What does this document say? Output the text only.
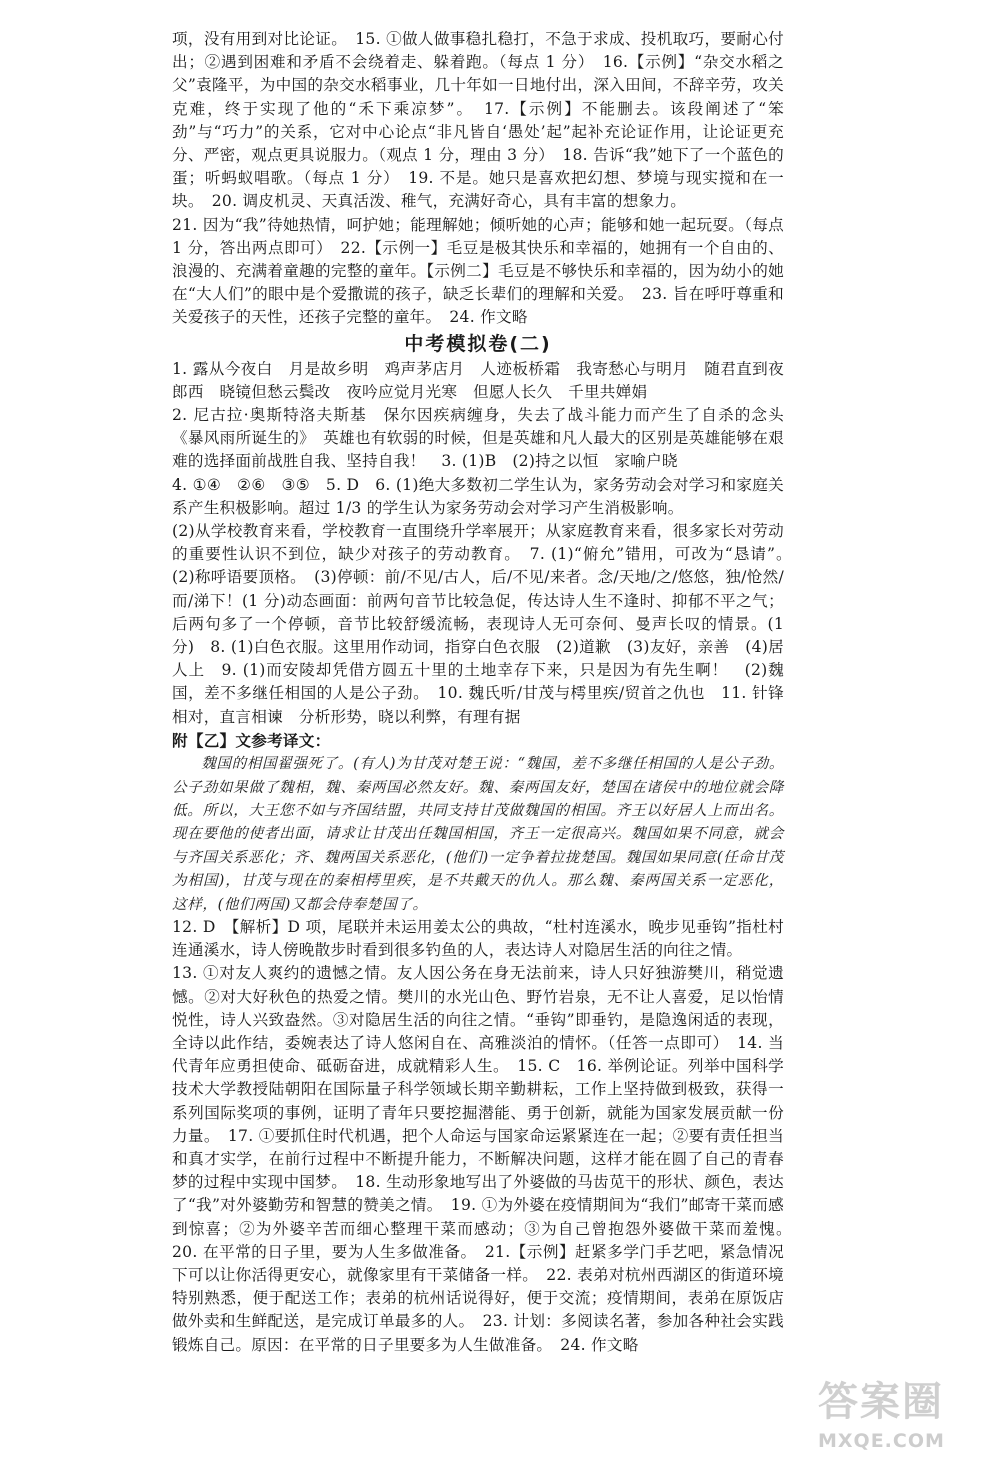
项，没有用到对比论证。　15. ①做人做事稳扎稳打，不急于求成、投机取巧，要耐心付出；②遇到困难和矛盾不会绕着走、躲着跑。（每点 1 分）　16.【示例】“杂交水稻之父”袁隆平，为中国的杂交水稻事业，几十年如一日地付出，深入田间，不辞辛劳，攻关克难，终于实现了他的“禾下乘凉梦”。　17.【示例】不能删去。该段阐述了“笨劲”与“巧力”的关系，它对中心论点“非凡皆自‘愚处’起”起补充论证作用，让论证更充分、严密，观点更具说服力。（观点 1 分，理由 3 分）　18. 告诉“我”她下了一个蓝色的蛋；听蚂蚁唱歌。（每点 1 分）　19. 不是。她只是喜欢把幻想、梦境与现实搅和在一块。　20. 调皮机灵、天真活泼、稚气，充满好奇心，具有丰富的想象力。

21. 因为“我”待她热情，呵护她；能理解她；倾听她的心声；能够和她一起玩耍。（每点 1 分，答出两点即可）　22.【示例一】毛豆是极其快乐和幸福的，她拥有一个自由的、浪漫的、充满着童趣的完整的童年。【示例二】毛豆是不够快乐和幸福的，因为幼小的她在“大人们”的眼中是个爱撒谎的孩子，缺乏长辈们的理解和关爱。　23. 旨在呼吁尊重和关爱孩子的天性，还孩子完整的童年。　24. 作文略

中考模拟卷(二)

1. 露从今夜白　月是故乡明　鸡声茅店月　人迹板桥霜　我寄愁心与明月　随君直到夜郎西　晓镜但愁云鬓改　夜吟应觉月光寒　但愿人长久　千里共婵娟

2. 尼古拉·奥斯特洛夫斯基　保尔因疾病缠身，失去了战斗能力而产生了自杀的念头　《暴风雨所诞生的》　英雄也有软弱的时候，但是英雄和凡人最大的区别是英雄能够在艰难的选择面前战胜自我、坚持自我！　3. (1)B　(2)持之以恒　家喻户晓

4. ①④　②⑥　③⑤　5. D　6. (1)绝大多数初二学生认为，家务劳动会对学习和家庭关系产生积极影响。超过 1/3 的学生认为家务劳动会对学习产生消极影响。

(2)从学校教育来看，学校教育一直围绕升学率展开；从家庭教育来看，很多家长对劳动的重要性认识不到位，缺少对孩子的劳动教育。　7. (1)“俯允”错用，可改为“恳请”。　(2)称呼语要顶格。　(3)停顿：前/不见/古人，后/不见/来者。念/天地/之/悠悠，独/怆然/而/涕下！(1 分)动态画面：前两句音节比较急促，传达诗人生不逢时、抑郁不平之气；后两句多了一个停顿，音节比较舒缓流畅，表现诗人无可奈何、曼声长叹的情景。(1 分)　8. (1)白色衣服。这里用作动词，指穿白色衣服　(2)道歉　(3)友好，亲善　(4)居人上　9. (1)而安陵却凭借方圆五十里的土地幸存下来，只是因为有先生啊！　(2)魏国，差不多继任相国的人是公子劲。　10. 魏氏听/甘茂与樗里疾/贸首之仇也　11. 针锋相对，直言相谏　分析形势，晓以利弊，有理有据

附【乙】文参考译文：

魏国的相国翟强死了。(有人)为甘茂对楚王说：“魏国，差不多继任相国的人是公子劲。公子劲如果做了魏相，魏、秦两国必然友好。魏、秦两国友好，楚国在诸侯中的地位就会降低。所以，大王您不如与齐国结盟，共同支持甘茂做魏国的相国。齐王以好居人上而出名。现在要他的使者出面，请求让甘茂出任魏国相国，齐王一定很高兴。魏国如果不同意，就会与齐国关系恶化；齐、魏两国关系恶化，(他们)一定争着拉拢楚国。魏国如果同意(任命甘茂为相国)，甘茂与现在的秦相樗里疾，是不共戴天的仇人。那么魏、秦两国关系一定恶化，这样，(他们两国)又都会侍奉楚国了。

12. D　【解析】D 项，尾联并未运用姜太公的典故，“杜村连溪水，晚步见垂钩”指杜村连通溪水，诗人傍晚散步时看到很多钓鱼的人，表达诗人对隐居生活的向往之情。

13. ①对友人爽约的遗憾之情。友人因公务在身无法前来，诗人只好独游樊川，稍觉遗憾。②对大好秋色的热爱之情。樊川的水光山色、野竹岩泉，无不让人喜爱，足以怡情悦性，诗人兴致盎然。③对隐居生活的向往之情。“垂钩”即垂钓，是隐逸闲适的表现，全诗以此作结，委婉表达了诗人悠闲自在、高雅淡泊的情怀。（任答一点即可）　14. 当代青年应勇担使命、砥砺奋进，成就精彩人生。　15. C　16. 举例论证。列举中国科学技术大学教授陆朝阳在国际量子科学领域长期辛勤耕耘，工作上坚持做到极致，获得一系列国际奖项的事例，证明了青年只要挖掘潜能、勇于创新，就能为国家发展贡献一份力量。　17. ①要抓住时代机遇，把个人命运与国家命运紧紧连在一起；②要有责任担当和真才实学，在前行过程中不断提升能力，不断解决问题，这样才能在圆了自己的青春梦的过程中实现中国梦。　18. 生动形象地写出了外婆做的马齿苋干的形状、颜色，表达了“我”对外婆勤劳和智慧的赞美之情。　19. ①为外婆在疫情期间为“我们”邮寄干菜而感到惊喜；②为外婆辛苦而细心整理干菜而感动；③为自己曾抱怨外婆做干菜而羞愧。　20. 在平常的日子里，要为人生多做准备。　21.【示例】赶紧多学门手艺吧，紧急情况下可以让你活得更安心，就像家里有干菜储备一样。　22. 表弟对杭州西湖区的街道环境特别熟悉，便于配送工作；表弟的杭州话说得好，便于交流；疫情期间，表弟在原饭店做外卖和生鲜配送，是完成订单最多的人。　23. 计划：多阅读名著，参加各种社会实践锻炼自己。原因：在平常的日子里要多为人生做准备。　24. 作文略

答案圈
MXQE.COM
